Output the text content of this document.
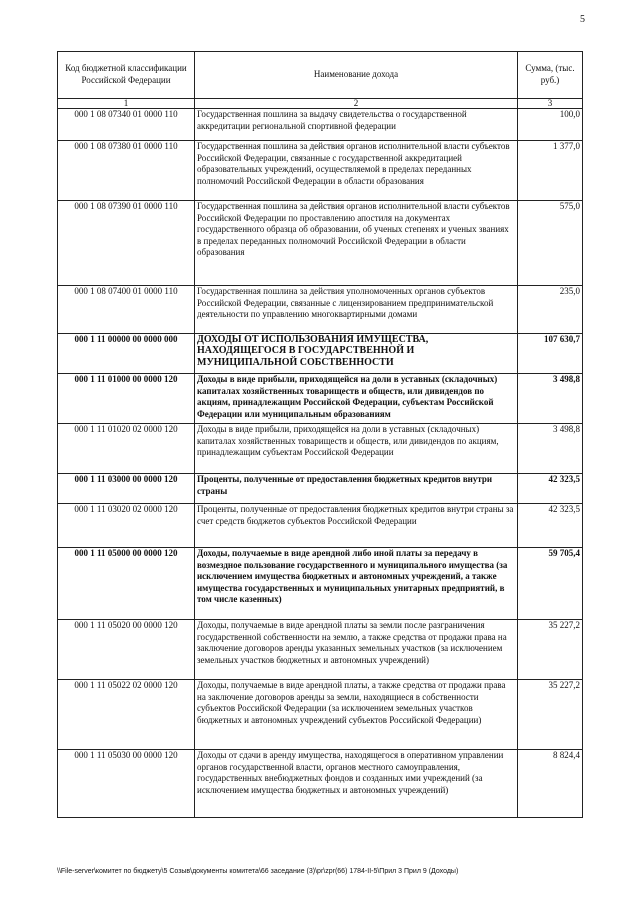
5
Код бюджетной классификации Российской Федерации	Наименование дохода	Сумма, (тыс. руб.)
1	2	3
000 1 08 07340 01 0000 110	Государственная пошлина за выдачу свидетельства о государственной аккредитации региональной спортивной федерации	100,0
000 1 08 07380 01 0000 110	Государственная пошлина за действия органов исполнительной власти субъектов Российской Федерации, связанные с государственной аккредитацией образовательных учреждений, осуществляемой в пределах переданных полномочий Российской Федерации в области образования	1 377,0
000 1 08 07390 01 0000 110	Государственная пошлина за действия органов исполнительной власти субъектов Российской Федерации по проставлению апостиля на документах государственного образца об образовании, об ученых степенях и ученых званиях в пределах переданных полномочий Российской Федерации в области образования	575,0
000 1 08 07400 01 0000 110	Государственная пошлина за действия уполномоченных органов субъектов Российской Федерации, связанные с лицензированием предпринимательской деятельности по управлению многоквартирными домами	235,0
000 1 11 00000 00 0000 000	ДОХОДЫ ОТ ИСПОЛЬЗОВАНИЯ ИМУЩЕСТВА, НАХОДЯЩЕГОСЯ В ГОСУДАРСТВЕННОЙ И МУНИЦИПАЛЬНОЙ СОБСТВЕННОСТИ	107 630,7
000 1 11 01000 00 0000 120	Доходы в виде прибыли, приходящейся на доли в уставных (складочных) капиталах хозяйственных товариществ и обществ, или дивидендов по акциям, принадлежащим Российской Федерации, субъектам Российской Федерации или муниципальным образованиям	3 498,8
000 1 11 01020 02 0000 120	Доходы в виде прибыли, приходящейся на доли в уставных (складочных) капиталах хозяйственных товариществ и обществ, или дивидендов по акциям, принадлежащим субъектам Российской Федерации	3 498,8
000 1 11 03000 00 0000 120	Проценты, полученные от предоставления бюджетных кредитов внутри страны	42 323,5
000 1 11 03020 02 0000 120	Проценты, полученные от предоставления бюджетных кредитов внутри страны за счет средств бюджетов субъектов Российской Федерации	42 323,5
000 1 11 05000 00 0000 120	Доходы, получаемые в виде арендной либо иной платы за передачу в возмездное пользование государственного и муниципального имущества (за исключением имущества бюджетных и автономных учреждений, а также имущества государственных и муниципальных унитарных предприятий, в том числе казенных)	59 705,4
000 1 11 05020 00 0000 120	Доходы, получаемые в виде арендной платы за земли после разграничения государственной собственности на землю, а также средства от продажи права на заключение договоров аренды указанных земельных участков (за исключением земельных участков бюджетных и автономных учреждений)	35 227,2
000 1 11 05022 02 0000 120	Доходы, получаемые в виде арендной платы, а также средства от продажи права на заключение договоров аренды за земли, находящиеся в собственности субъектов Российской Федерации (за исключением земельных участков бюджетных и автономных учреждений субъектов Российской Федерации)	35 227,2
000 1 11 05030 00 0000 120	Доходы от сдачи в аренду имущества, находящегося в оперативном управлении органов государственной власти, органов местного самоуправления, государственных внебюджетных фондов и созданных ими учреждений (за исключением имущества бюджетных и автономных учреждений)	8 824,4
\\File-server\комитет по бюджету\5 Созыв\документы комитета\66 заседание (3)\pr\zpr(66) 1784-II-5\Прил 3 Прил 9 (Доходы)
